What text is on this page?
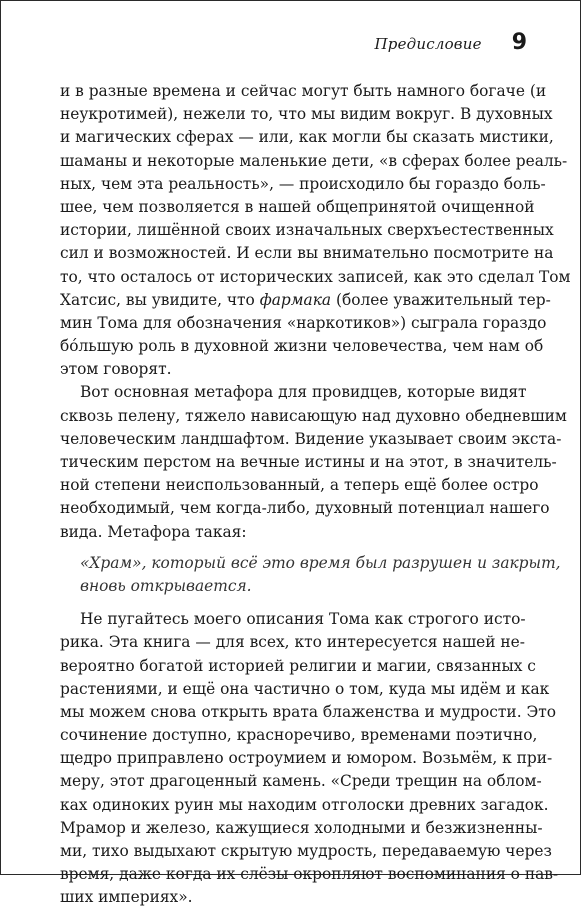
Предисловие 9
и в разные времена и сейчас могут быть намного богаче (и
неукротимей), нежели то, что мы видим вокруг. В духовных
и магических сферах — или, как могли бы сказать мистики,
шаманы и некоторые маленькие дети, «в сферах более реаль-
ных, чем эта реальность», — происходило бы гораздо боль-
шее, чем позволяется в нашей общепринятой очищенной
истории, лишённой своих изначальных сверхъестественных
сил и возможностей. И если вы внимательно посмотрите на
то, что осталось от исторических записей, как это сделал Том
Хатсис, вы увидите, что фармака (более уважительный тер-
мин Тома для обозначения «наркотиков») сыграла гораздо
бо́льшую роль в духовной жизни человечества, чем нам об
этом говорят.
Вот основная метафора для провидцев, которые видят
сквозь пелену, тяжело нависающую над духовно обедневшим
человеческим ландшафтом. Видение указывает своим экста-
тическим перстом на вечные истины и на этот, в значитель-
ной степени неиспользованный, а теперь ещё более остро
необходимый, чем когда-либо, духовный потенциал нашего
вида. Метафора такая:
«Храм», который всё это время был разрушен и закрыт,
вновь открывается.
Не пугайтесь моего описания Тома как строгого исто-
рика. Эта книга — для всех, кто интересуется нашей не-
вероятно богатой историей религии и магии, связанных с
растениями, и ещё она частично о том, куда мы идём и как
мы можем снова открыть врата блаженства и мудрости. Это
сочинение доступно, красноречиво, временами поэтично,
щедро приправлено остроумием и юмором. Возьмём, к при-
меру, этот драгоценный камень. «Среди трещин на облом-
ках одиноких руин мы находим отголоски древних загадок.
Мрамор и железо, кажущиеся холодными и безжизненны-
ми, тихо выдыхают скрытую мудрость, передаваемую через
время, даже когда их слёзы окропляют воспоминания о пав-
ших империях».
